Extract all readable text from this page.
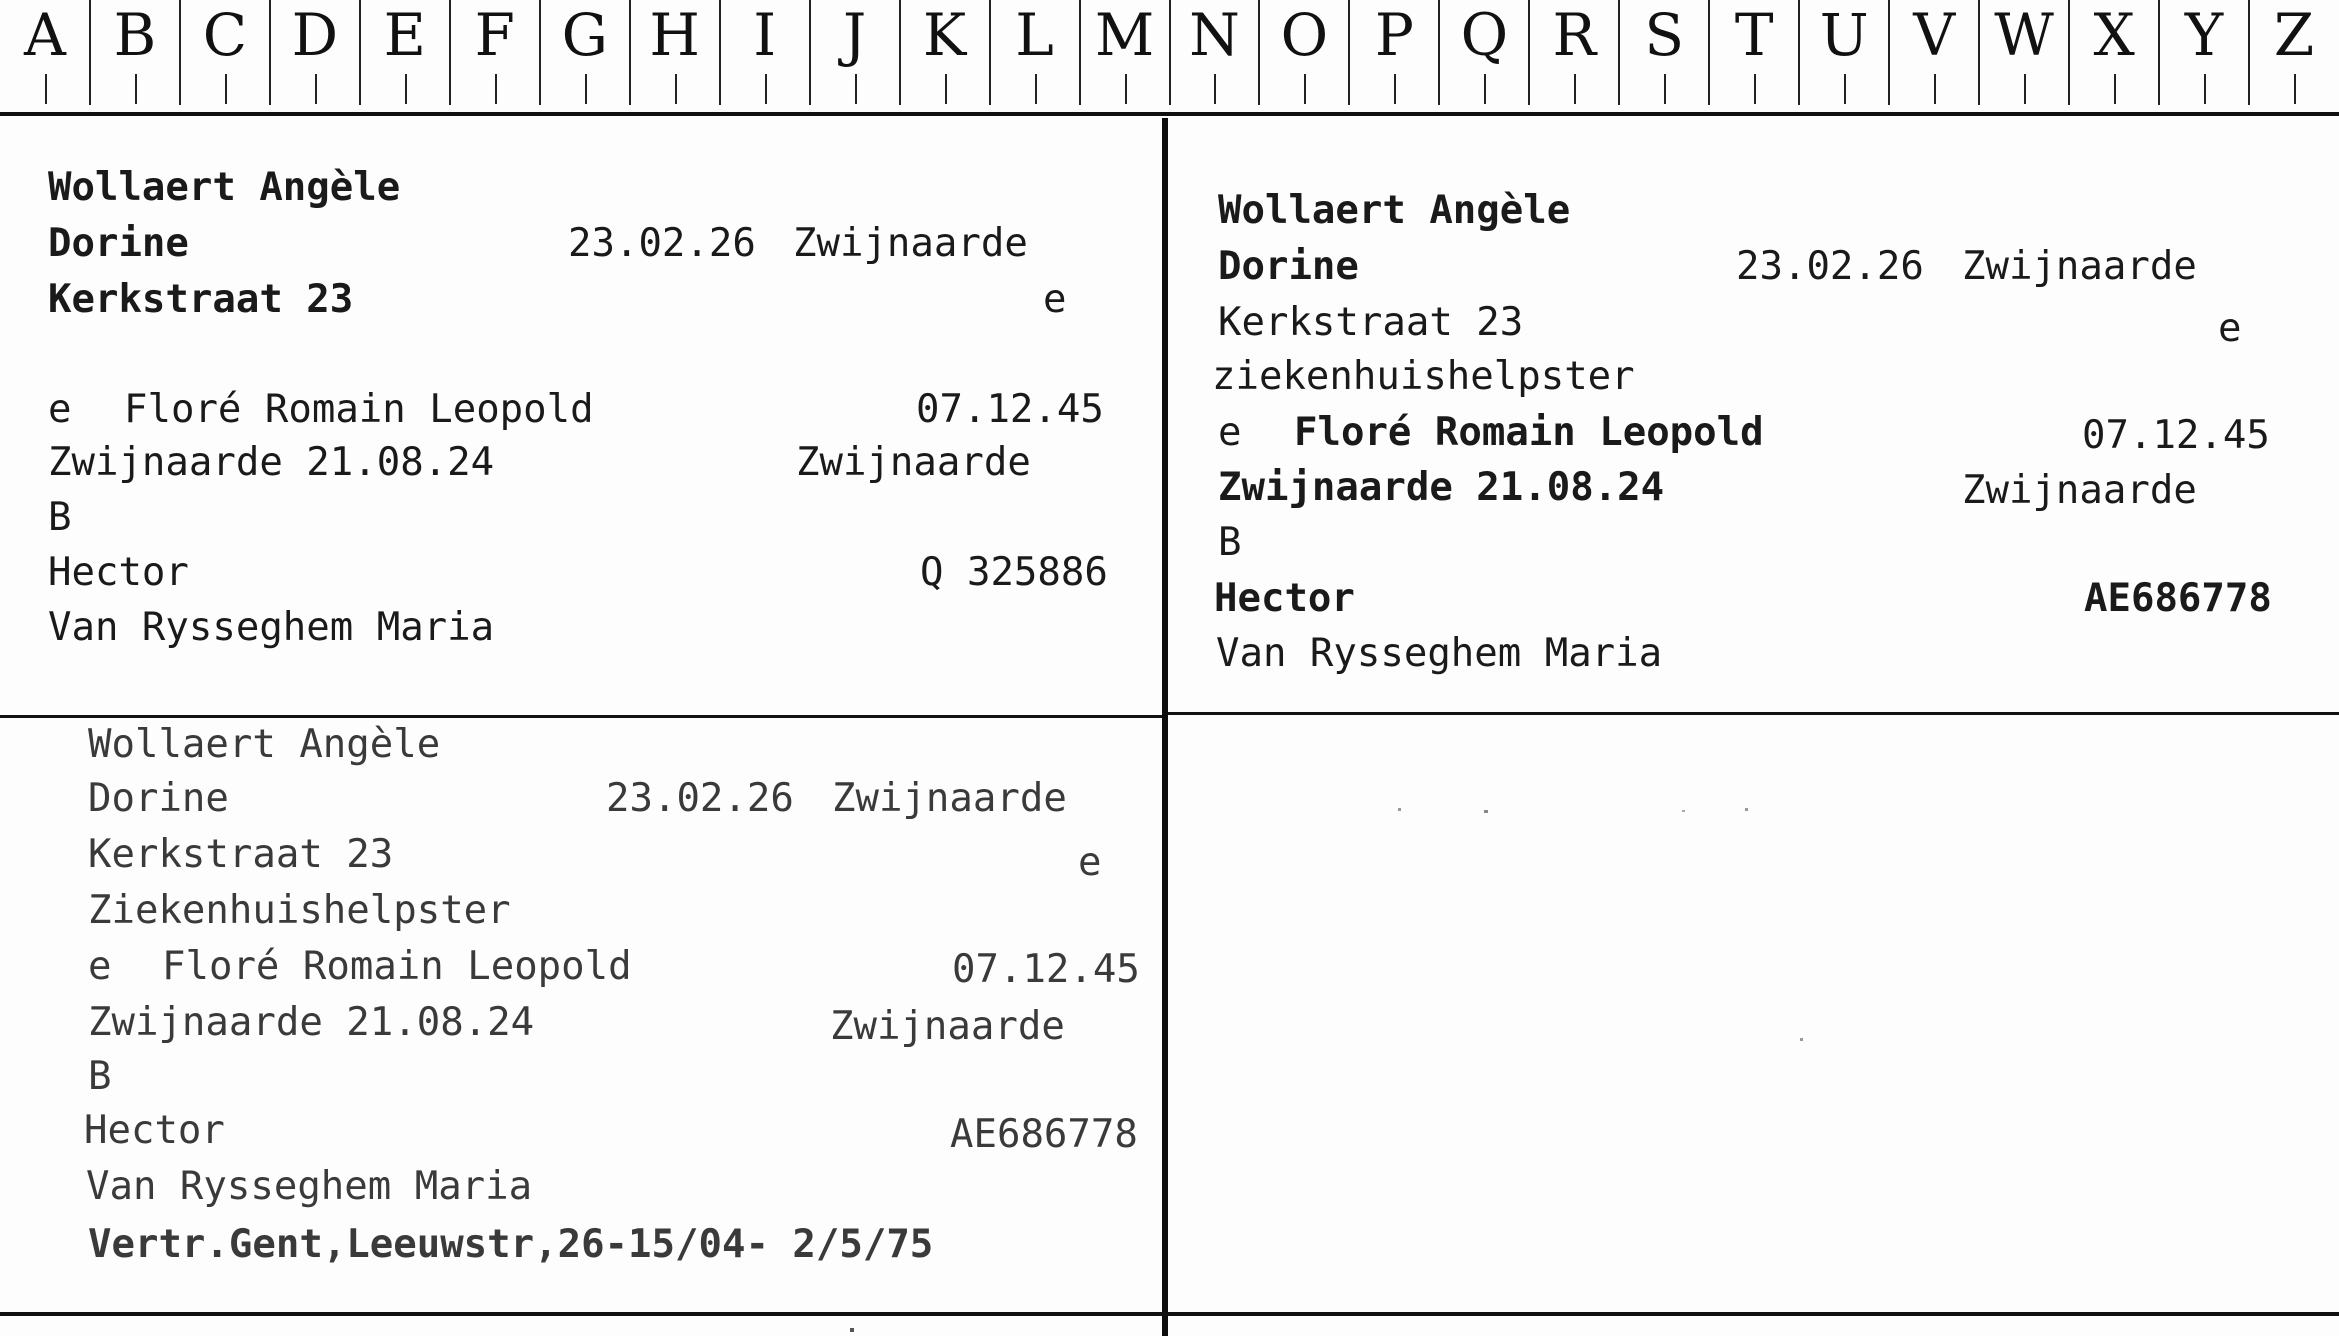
A B C D E F G H I	J K L M N O P Q R S T U V W X Y Z
Wollaert Angèle
Dorine	23.02.26 Zwijnaarde
Kerkstraat 23	e
e Floré Romain Leopold	07.12.45
Zwijnaarde 21.08.24	Zwijnaarde
B
Hector	Q 325886
Van Rysseghem Maria
Wollaert Angèle
Dorine	23.02.26 Zwijnaarde
Kerkstraat 23	e
ziekenhuishelpster
e Floré Romain Leopold	07.12.45
Zwijnaarde 21.08.24	Zwijnaarde
B
Hector	AE686778
Van Rysseghem Maria
Wollaert Angèle
Dorine	23.02.26 Zwijnaarde
Kerkstraat 23	e
Ziekenhuishelpster
e Floré Romain Leopold	07.12.45
Zwijnaarde 21.08.24	Zwijnaarde
B
Hector	AE686778
Van Rysseghem Maria
Vertr.Gent,Leeuwstr,26-15/04- 2/5/75
